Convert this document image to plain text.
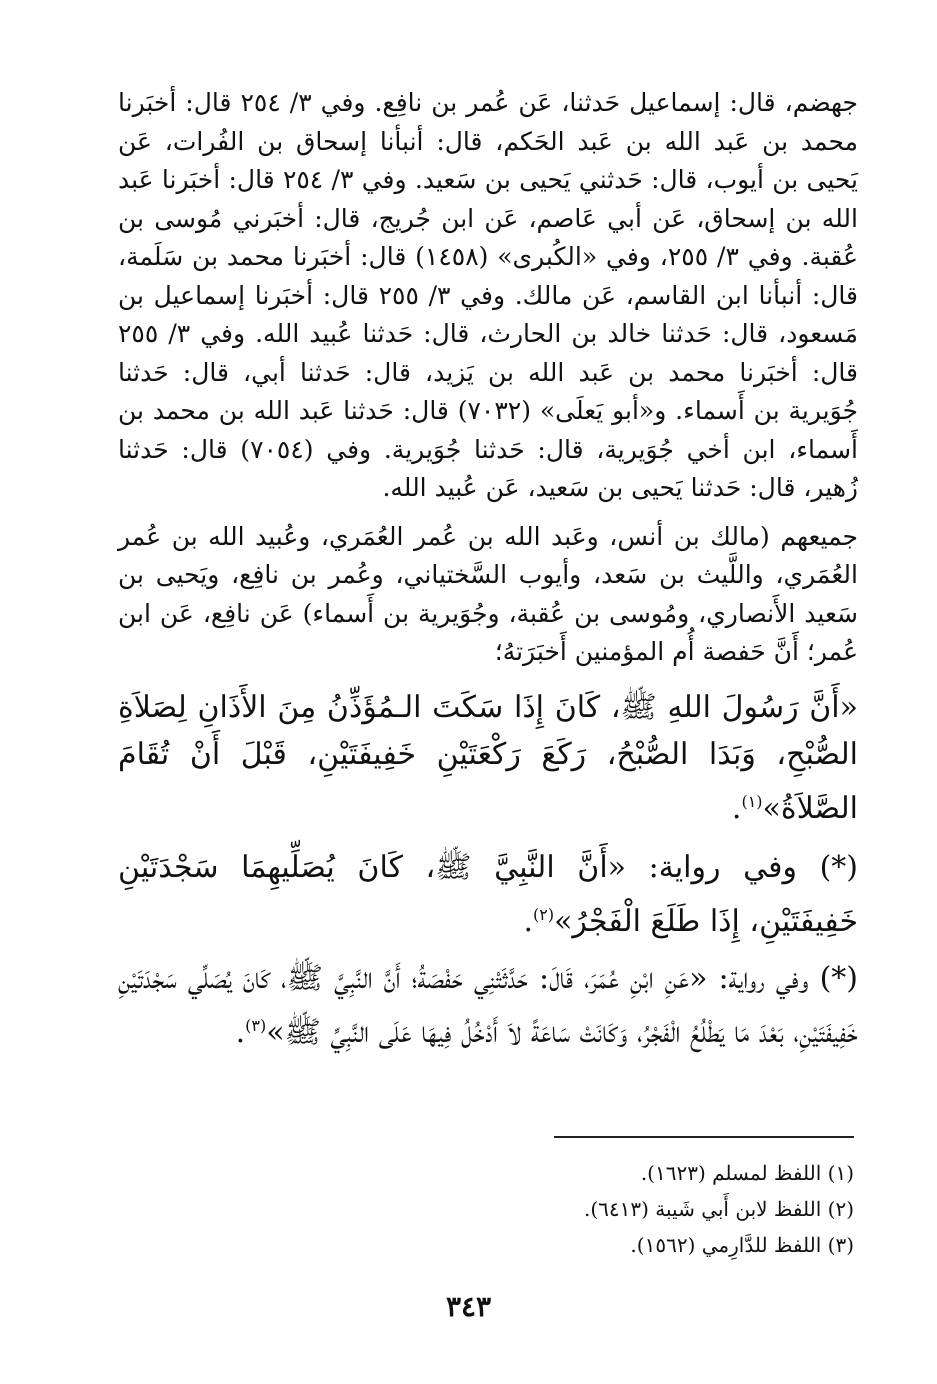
جهضم، قال: إسماعيل حَدثنا، عَن عُمر بن نافِع. وفي ٣/ ٢٥٤ قال: أخبَرنا محمد بن عَبد الله بن عَبد الحَكم، قال: أنبأنا إسحاق بن الفُرات، عَن يَحيى بن أيوب، قال: حَدثني يَحيى بن سَعيد. وفي ٣/ ٢٥٤ قال: أخبَرنا عَبد الله بن إسحاق، عَن أبي عَاصم، عَن ابن جُريج، قال: أخبَرني مُوسى بن عُقبة. وفي ٣/ ٢٥٥، وفي «الكُبرى» (١٤٥٨) قال: أخبَرنا محمد بن سَلَمة، قال: أنبأنا ابن القاسم، عَن مالك. وفي ٣/ ٢٥٥ قال: أخبَرنا إسماعيل بن مَسعود، قال: حَدثنا خالد بن الحارث، قال: حَدثنا عُبيد الله. وفي ٣/ ٢٥٥ قال: أخبَرنا محمد بن عَبد الله بن يَزيد، قال: حَدثنا أبي، قال: حَدثنا جُوَيرية بن أَسماء. و«أبو يَعلَى» (٧٠٣٢) قال: حَدثنا عَبد الله بن محمد بن أَسماء، ابن أخي جُوَيرية، قال: حَدثنا جُوَيرية. وفي (٧٠٥٤) قال: حَدثنا زُهير، قال: حَدثنا يَحيى بن سَعيد، عَن عُبيد الله.

جميعهم (مالك بن أنس، وعَبد الله بن عُمر العُمَري، وعُبيد الله بن عُمر العُمَري، واللَّيث بن سَعد، وأيوب السَّختياني، وعُمر بن نافِع، ويَحيى بن سَعيد الأَنصاري، ومُوسى بن عُقبة، وجُوَيرية بن أَسماء) عَن نافِع، عَن ابن عُمر؛ أَنَّ حَفصة أُم المؤمنين أَخبَرَتهُ؛

«أَنَّ رَسُولَ اللهِ ﷺ، كَانَ إِذَا سَكَتَ الـمُؤَذِّنُ مِنَ الأَذَانِ لِصَلاَةِ الصُّبْحِ، وَبَدَا الصُّبْحُ، رَكَعَ رَكْعَتَيْنِ خَفِيفَتَيْنِ، قَبْلَ أَنْ تُقَامَ الصَّلاَةُ»$^{(١)}$.

(*) وفي رواية: «أَنَّ النَّبِيَّ ﷺ، كَانَ يُصَلِّيهِمَا سَجْدَتَيْنِ خَفِيفَتَيْنِ، إِذَا طَلَعَ الْفَجْرُ»$^{(٢)}$.

(*) وفي رواية: «عَنِ ابْنِ عُمَرَ، قَالَ: حَدَّثَتْنِي حَفْصَةُ؛ أَنَّ النَّبِيَّ ﷺ، كَانَ يُصَلِّي سَجْدَتَيْنِ خَفِيفَتَيْنِ، بَعْدَ مَا يَطْلُعُ الْفَجْرُ، وَكَانَتْ سَاعَةً لاَ أَدْخُلُ فِيهَا عَلَى النَّبِيِّ ﷺ»$^{(٣)}$.

(١) اللفظ لمسلم (١٦٢٣).
(٢) اللفظ لابن أَبي شَيبة (٦٤١٣).
(٣) اللفظ للدَّارِمي (١٥٦٢).
٣٤٣
